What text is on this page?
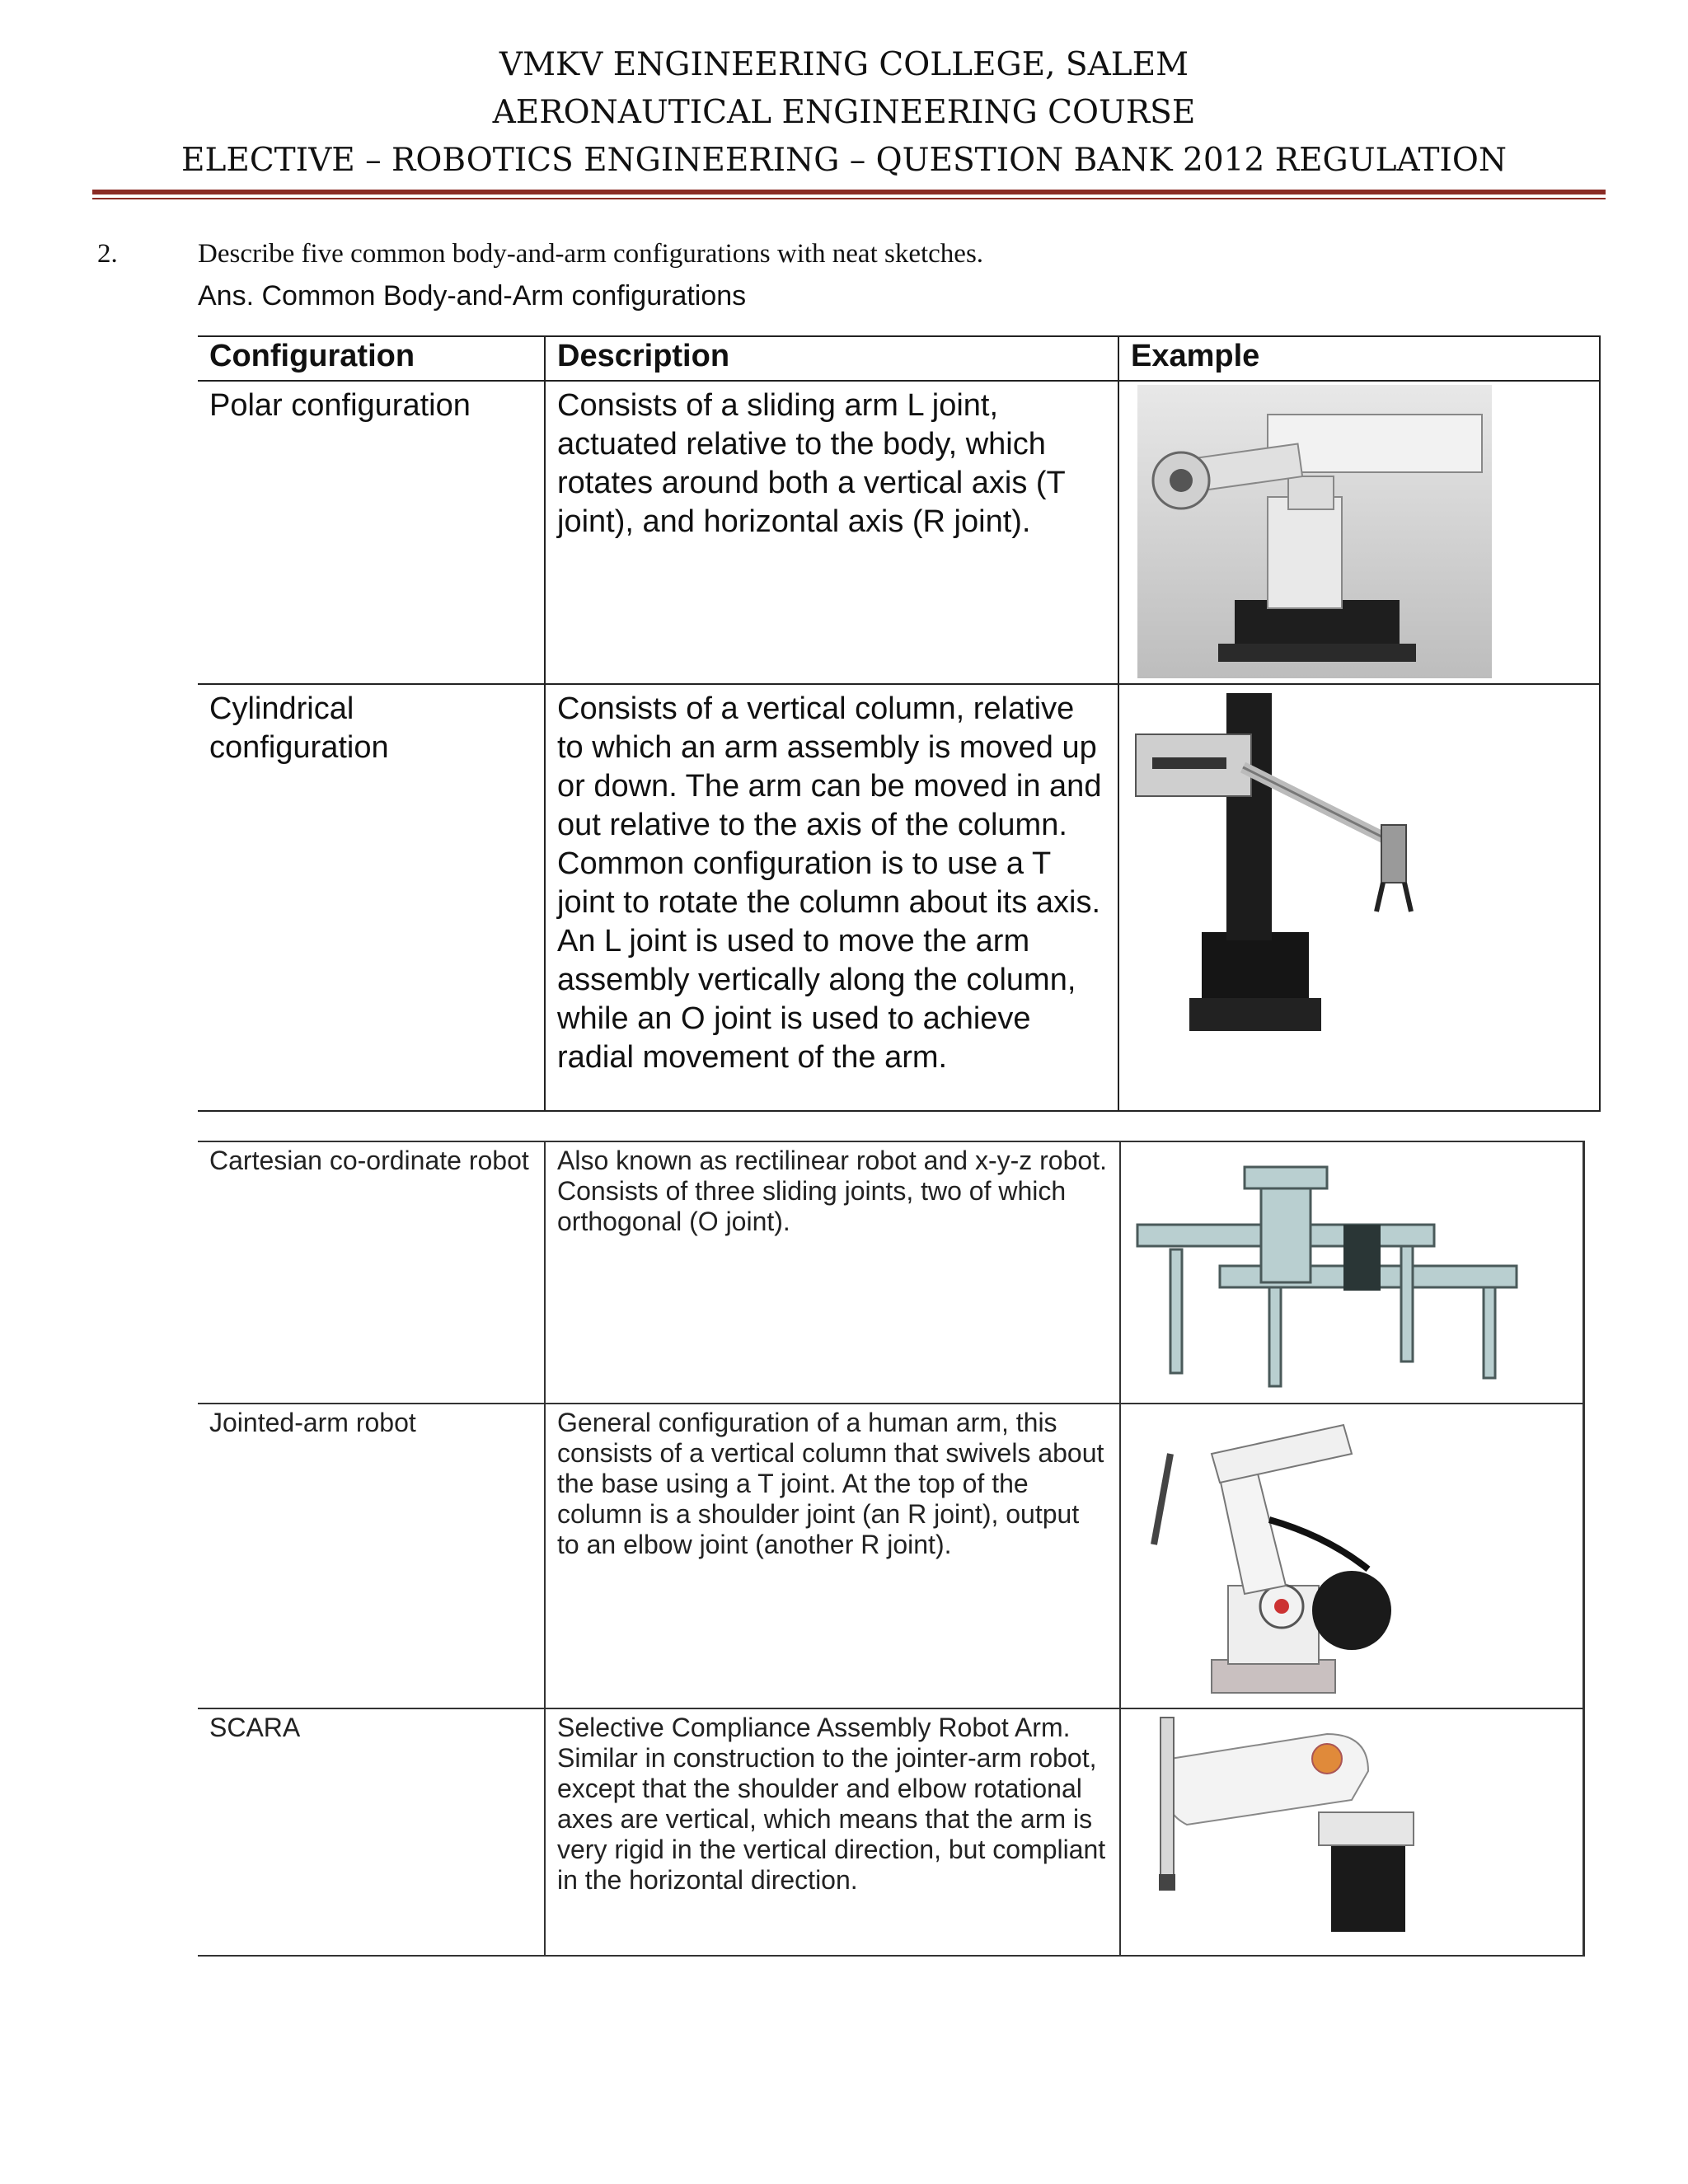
VMKV ENGINEERING COLLEGE, SALEM
AERONAUTICAL ENGINEERING COURSE
ELECTIVE – ROBOTICS ENGINEERING – QUESTION BANK 2012 REGULATION
2.	Describe five common body-and-arm configurations with neat sketches.
Ans. Common Body-and-Arm configurations
Configuration	Description	Example
Polar configuration	Consists of a sliding arm L joint, actuated relative to the body, which rotates around both a vertical axis (T joint), and horizontal axis (R joint).	

Cylindrical configuration	Consists of a vertical column, relative to which an arm assembly is moved up or down. The arm can be moved in and out relative to the axis of the column. Common configuration is to use a T joint to rotate the column about its axis. An L joint is used to move the arm assembly vertically along the column, while an O joint is used to achieve radial movement of the arm.	
Cartesian co-ordinate robot	Also known as rectilinear robot and x-y-z robot. Consists of three sliding joints, two of which orthogonal (O joint).	

Jointed-arm robot	General configuration of a human arm, this consists of a vertical column that swivels about the base using a T joint. At the top of the column is a shoulder joint (an R joint), output to an elbow joint (another R joint).	

SCARA	Selective Compliance Assembly Robot Arm. Similar in construction to the jointer-arm robot, except that the shoulder and elbow rotational axes are vertical, which means that the arm is very rigid in the vertical direction, but compliant in the horizontal direction.	
